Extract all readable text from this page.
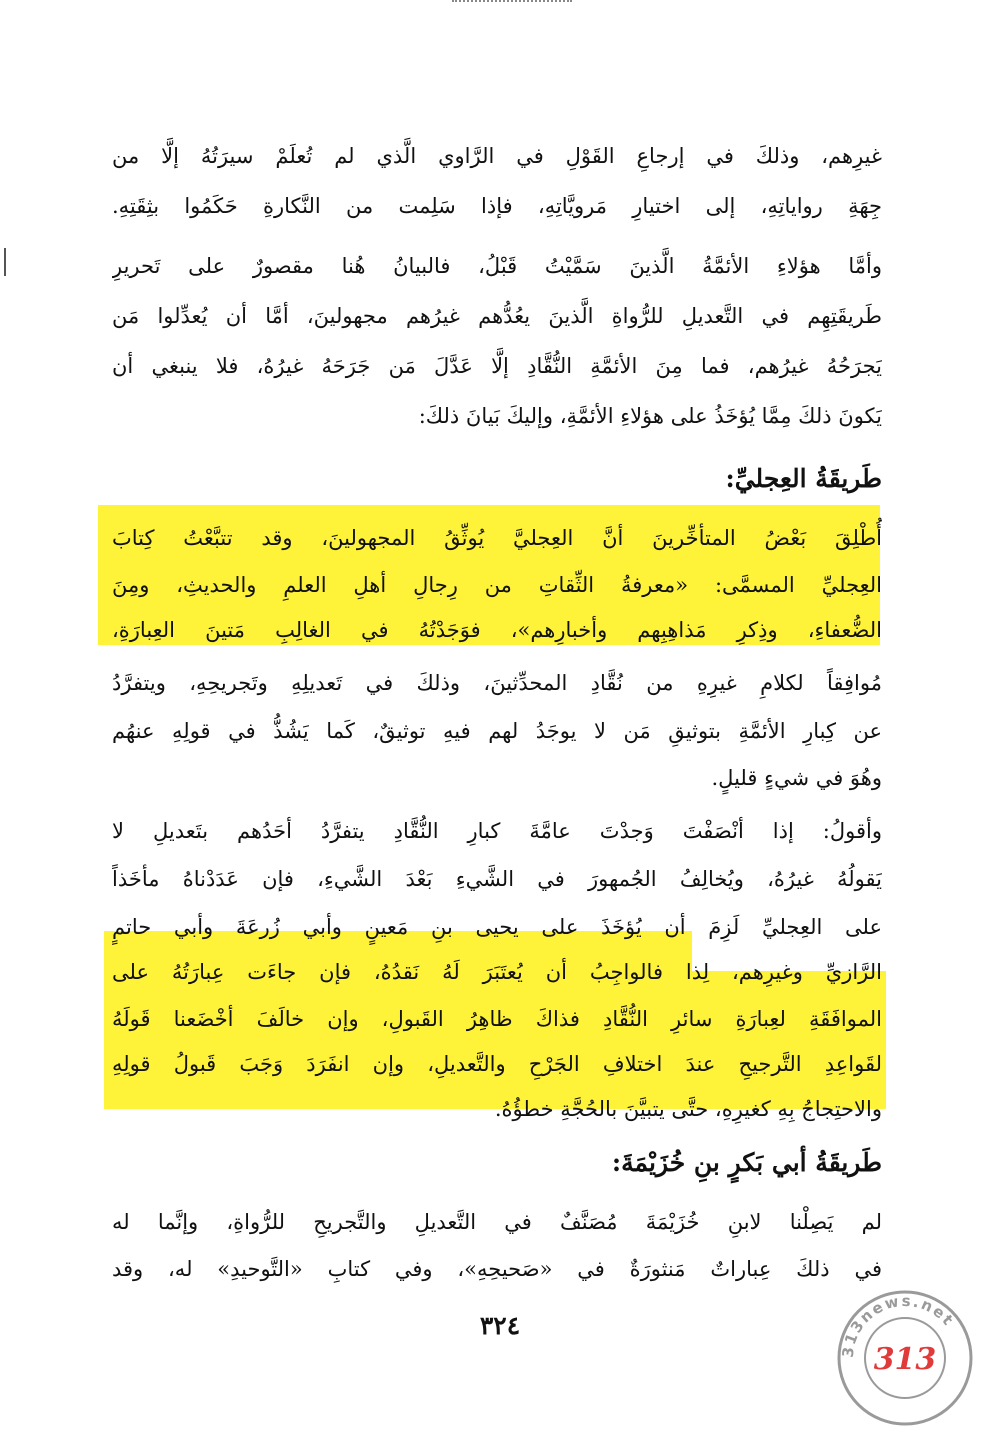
غيرِهم، وذلكَ في إرجاعِ القَوْلِ في الرَّاوي الَّذي لم تُعلَمْ سيرَتُهُ إلَّا من
جِهَةِ رواياتِهِ، إلى اختيارِ مَرويَّاتِهِ، فإذا سَلِمت من النَّكارةِ حَكَمُوا بثِقَتِهِ.
وأمَّا هؤلاءِ الأئمَّةُ الَّذينَ سَمَّيْتُ قَبْلُ، فالبيانُ هُنا مقصورٌ على تَحريرِ
طَريقَتِهِم في التَّعديلِ للرُّواةِ الَّذينَ يعُدُّهم غيرُهم مجهولينَ، أمَّا أن يُعدِّلوا مَن
يَجرَحُهُ غيرُهم، فما مِنَ الأئمَّةِ النُّقَّادِ إلَّا عَدَّلَ مَن جَرَحَهُ غيرُهُ، فلا ينبغي أن
يَكونَ ذلكَ مِمَّا يُؤخَذُ على هؤلاءِ الأئمَّةِ، وإليكَ بَيانَ ذلكَ:
طَريقَةُ العِجليِّ:
أُطْلِقَ بَعْضُ المتأخِّرينَ أنَّ العِجليَّ يُوثِّقُ المجهولينَ، وقد تتبَّعْتُ كِتابَ
العِجليِّ المسمَّى: «معرفةُ الثِّقاتِ من رِجالِ أهلِ العلمِ والحديثِ، ومِنَ
الضُّعفاءِ، وذِكرِ مَذاهِبِهم وأخبارِهم»، فوَجَدْتُهُ في الغالِبِ مَتينَ العِبارَةِ،
مُوافِقاً لكلامِ غيرِهِ من نُقَّادِ المحدِّثينَ، وذلكَ في تَعديلِهِ وتَجريحِهِ، ويتفرَّدُ
عن كِبارِ الأئمَّةِ بتوثيقِ مَن لا يوجَدُ لهم فيهِ توثيقٌ، كَما يَشُذُّ في قولِهِ عنهُم
وهُوَ في شيءٍ قليلٍ.
وأقولُ: إذا أنْصَفْتَ وَجدْتَ عامَّةَ كبارِ النُّقَّادِ يتفرَّدُ أحَدُهم بتَعديلِ لا
يَقولُهُ غيرُهُ، ويُخالِفُ الجُمهورَ في الشَّيءِ بَعْدَ الشَّيءِ، فإن عَدَدْناهُ مأخَذاً
على العِجليِّ لَزِمَ أن يُؤخَذَ على يحيى بنِ مَعينٍ وأبي زُرعَةَ وأبي حاتمٍ
الرَّازيِّ وغيرِهم، لِذا فالواجِبُ أن يُعتَبَرَ لَهُ نَقدُهُ، فإن جاءَت عِبارَتُهُ على
الموافَقَةِ لعِبارَةِ سائرِ النُّقَّادِ فذاكَ ظاهِرُ القَبولِ، وإن خالَفَ أخْضَعنا قَولَهُ
لقَواعِدِ التَّرجيحِ عندَ اختلافِ الجَرْحِ والتَّعديلِ، وإن انفَرَدَ وَجَبَ قَبولُ قولِهِ
والاحتِجاجُ بِهِ كغيرِهِ، حتَّى يتبيَّنَ بالحُجَّةِ خطؤُهُ.
طَريقَةُ أبي بَكرٍ بنِ خُزَيْمَةَ:
لم يَصِلْنا لابنِ خُزَيْمَةَ مُصَنَّفٌ في التَّعديلِ والتَّجريحِ للرُّواةِ، وإنَّما له
في ذلكَ عِباراتٌ مَنثورَةٌ في «صَحيحِهِ»، وفي كتابِ «التَّوحيدِ» له، وقد
٣٢٤
313news.net
313
